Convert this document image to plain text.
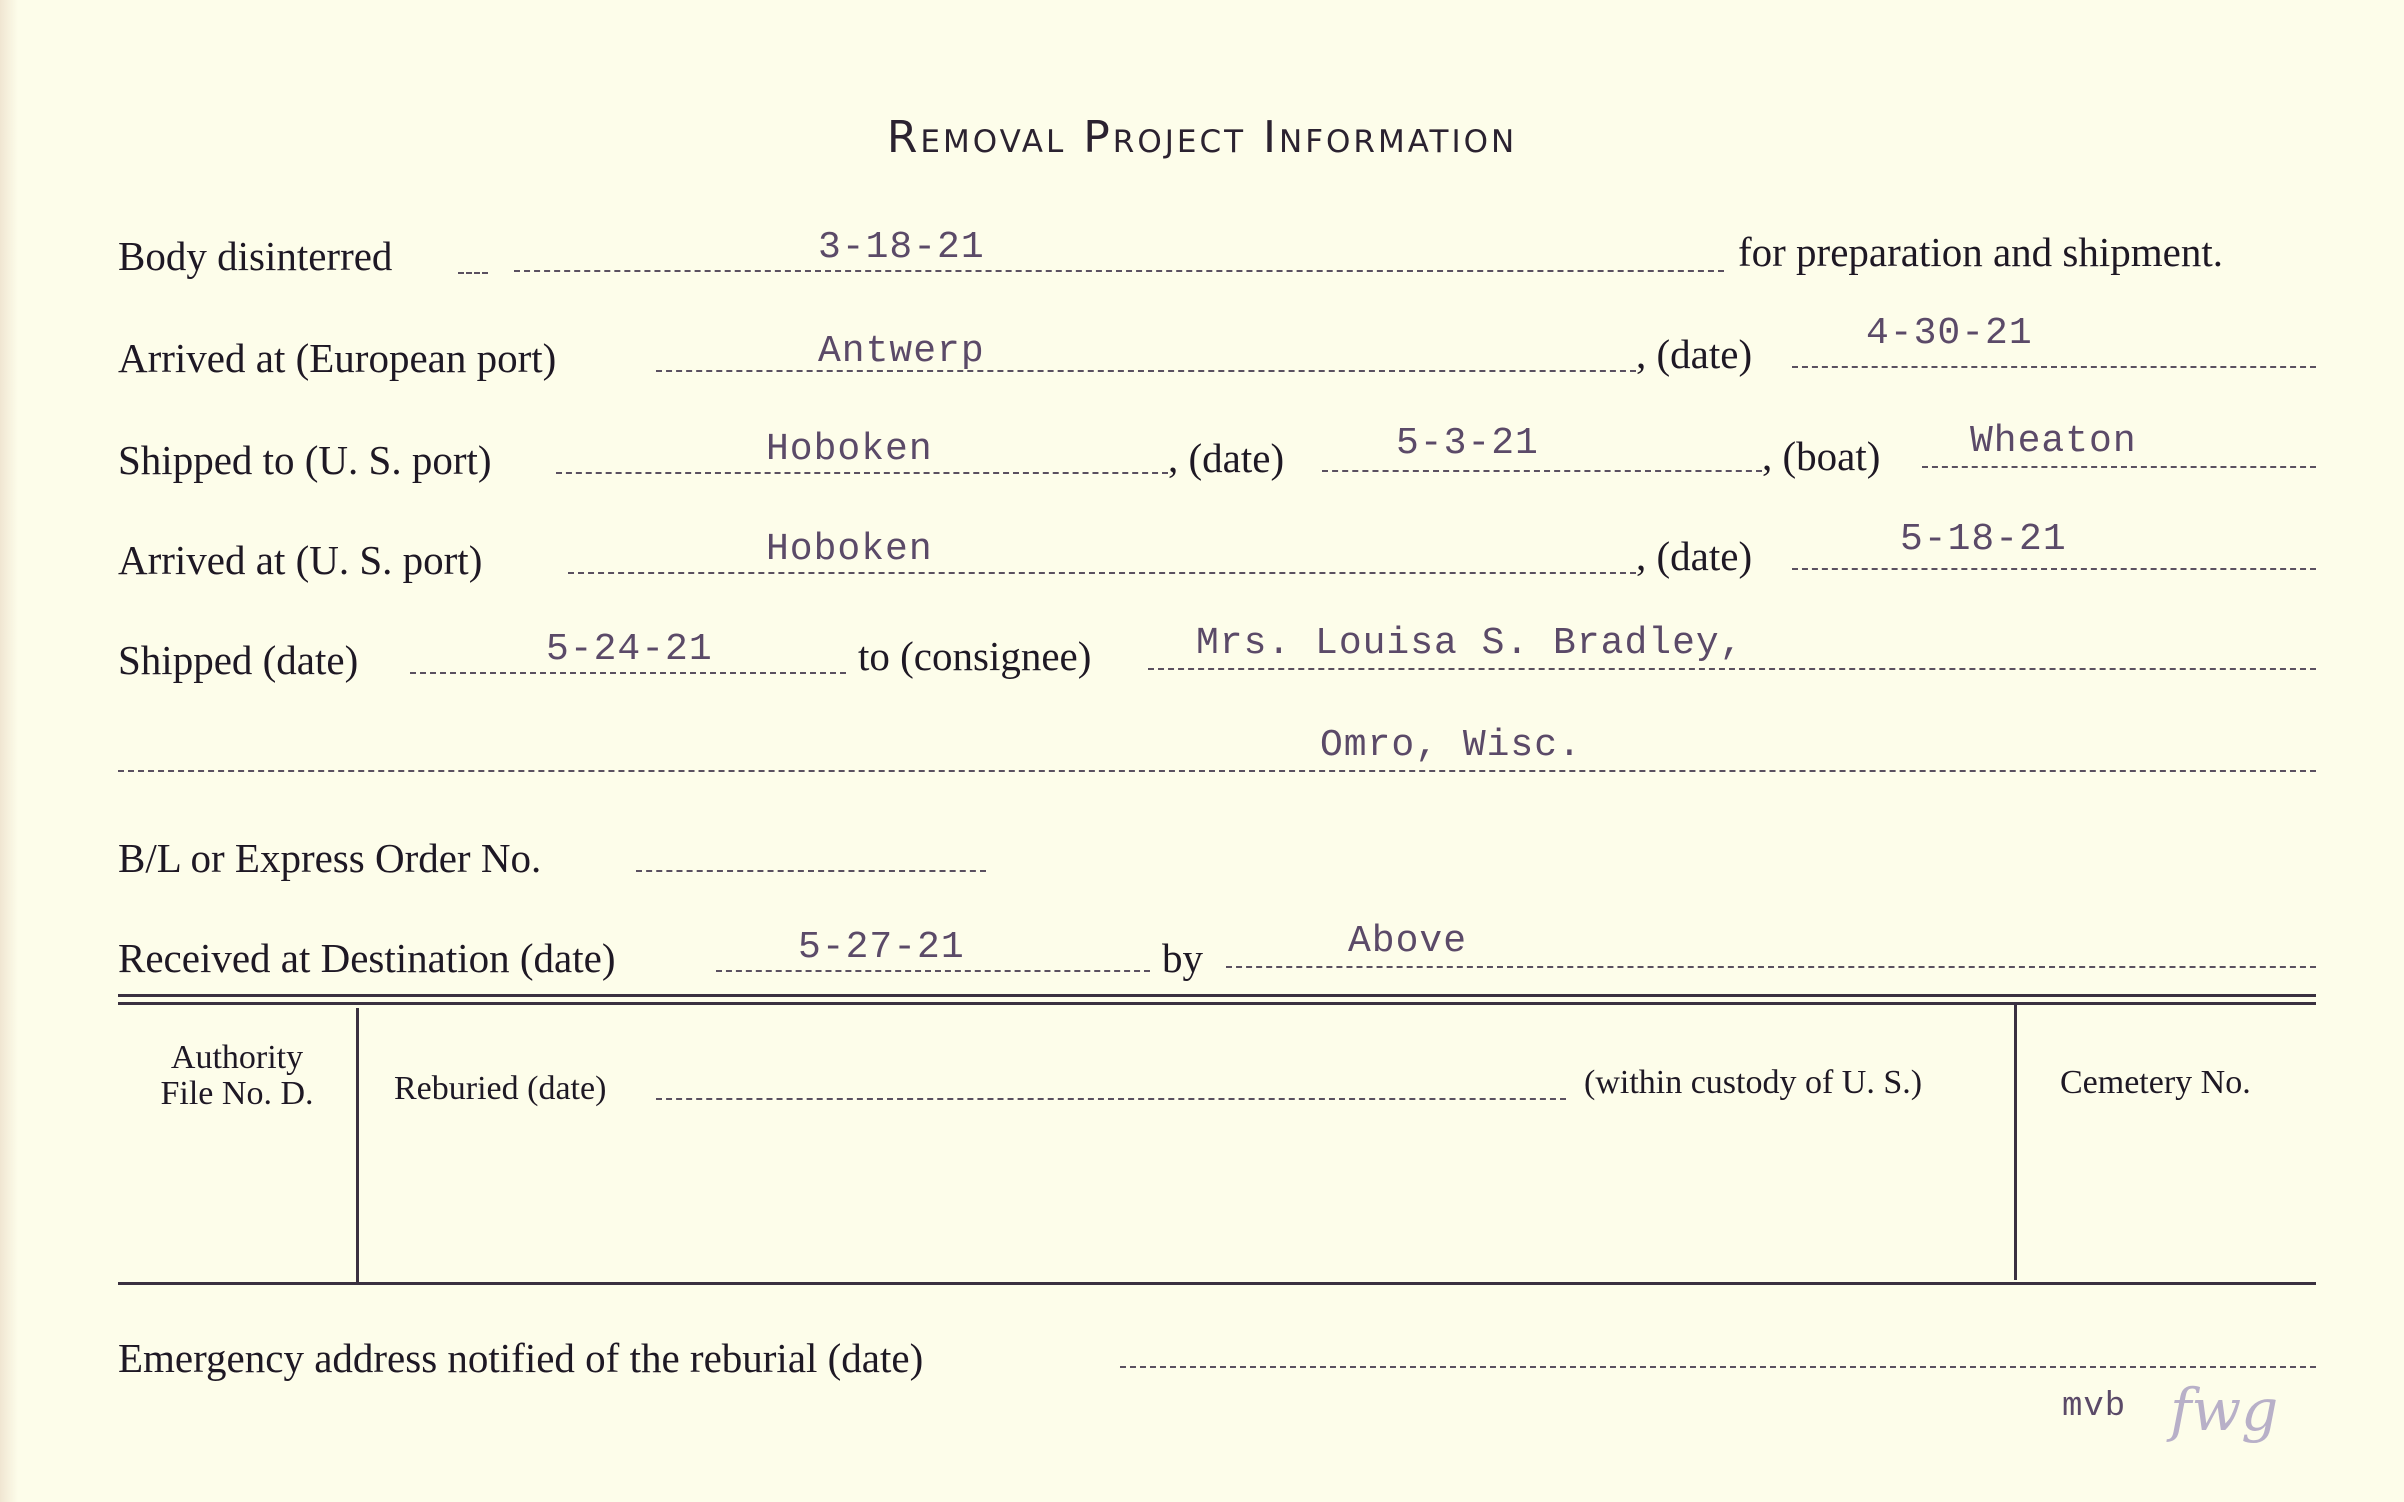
Removal Project Information
Body disinterred	3-18-21	for preparation and shipment.
Arrived at (European port)	Antwerp	, (date)	4-30-21
Shipped to (U. S. port)	Hoboken	, (date)	5-3-21	, (boat) Wheaton
Arrived at (U. S. port)	Hoboken	, (date)	5-18-21
Shipped (date)	5-24-21	to (consignee)	Mrs. Louisa S. Bradley,
Omro, Wisc.
B/L or Express Order No.
Received at Destination (date)	5-27-21	by	Above
Authority
File No. D.	Reburied (date)	(within custody of U. S.)	Cemetery No.
Emergency address notified of the reburial (date)
mvb fwg
